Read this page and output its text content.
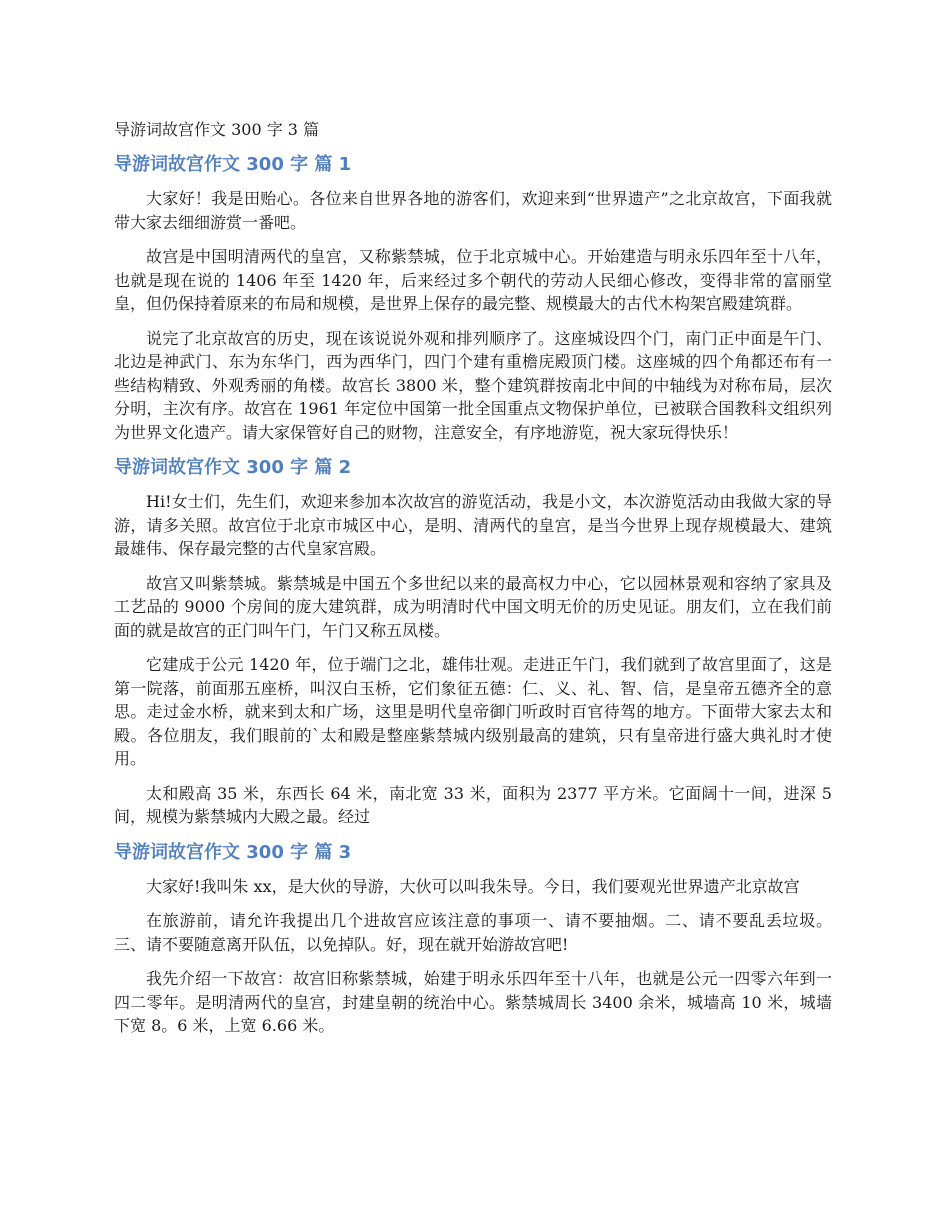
导游词故宫作文 300 字 3 篇
导游词故宫作文 300 字 篇 1

大家好！我是田贻心。各位来自世界各地的游客们，欢迎来到“世界遗产”之北京故宫，下面我就带大家去细细游赏一番吧。

故宫是中国明清两代的皇宫，又称紫禁城，位于北京城中心。开始建造与明永乐四年至十八年，也就是现在说的 1406 年至 1420 年，后来经过多个朝代的劳动人民细心修改，变得非常的富丽堂皇，但仍保持着原来的布局和规模，是世界上保存的最完整、规模最大的古代木构架宫殿建筑群。

说完了北京故宫的历史，现在该说说外观和排列顺序了。这座城设四个门，南门正中面是午门、北边是神武门、东为东华门，西为西华门，四门个建有重檐庑殿顶门楼。这座城的四个角都还布有一些结构精致、外观秀丽的角楼。故宫长 3800 米，整个建筑群按南北中间的中轴线为对称布局，层次分明，主次有序。故宫在 1961 年定位中国第一批全国重点文物保护单位，已被联合国教科文组织列为世界文化遗产。请大家保管好自己的财物，注意安全，有序地游览，祝大家玩得快乐！

导游词故宫作文 300 字 篇 2

Hi!女士们，先生们，欢迎来参加本次故宫的游览活动，我是小文，本次游览活动由我做大家的导游，请多关照。故宫位于北京市城区中心，是明、清两代的皇宫，是当今世界上现存规模最大、建筑最雄伟、保存最完整的古代皇家宫殿。

故宫又叫紫禁城。紫禁城是中国五个多世纪以来的最高权力中心，它以园林景观和容纳了家具及工艺品的 9000 个房间的庞大建筑群，成为明清时代中国文明无价的历史见证。朋友们，立在我们前面的就是故宫的正门叫午门，午门又称五凤楼。

它建成于公元 1420 年，位于端门之北，雄伟壮观。走进正午门，我们就到了故宫里面了，这是第一院落，前面那五座桥，叫汉白玉桥，它们象征五德：仁、义、礼、智、信，是皇帝五德齐全的意思。走过金水桥，就来到太和广场，这里是明代皇帝御门听政时百官待驾的地方。下面带大家去太和殿。各位朋友，我们眼前的`太和殿是整座紫禁城内级别最高的建筑，只有皇帝进行盛大典礼时才使用。

太和殿高 35 米，东西长 64 米，南北宽 33 米，面积为 2377 平方米。它面阔十一间，进深 5 间，规模为紫禁城内大殿之最。经过

导游词故宫作文 300 字 篇 3

大家好!我叫朱 xx，是大伙的导游，大伙可以叫我朱导。今日，我们要观光世界遗产北京故宫

在旅游前，请允许我提出几个进故宫应该注意的事项一、请不要抽烟。二、请不要乱丢垃圾。三、请不要随意离开队伍，以免掉队。好，现在就开始游故宫吧!

我先介绍一下故宫：故宫旧称紫禁城，始建于明永乐四年至十八年，也就是公元一四零六年到一四二零年。是明清两代的皇宫，封建皇朝的统治中心。紫禁城周长 3400 余米，城墙高 10 米，城墙下宽 8。6 米，上宽 6.66 米。
